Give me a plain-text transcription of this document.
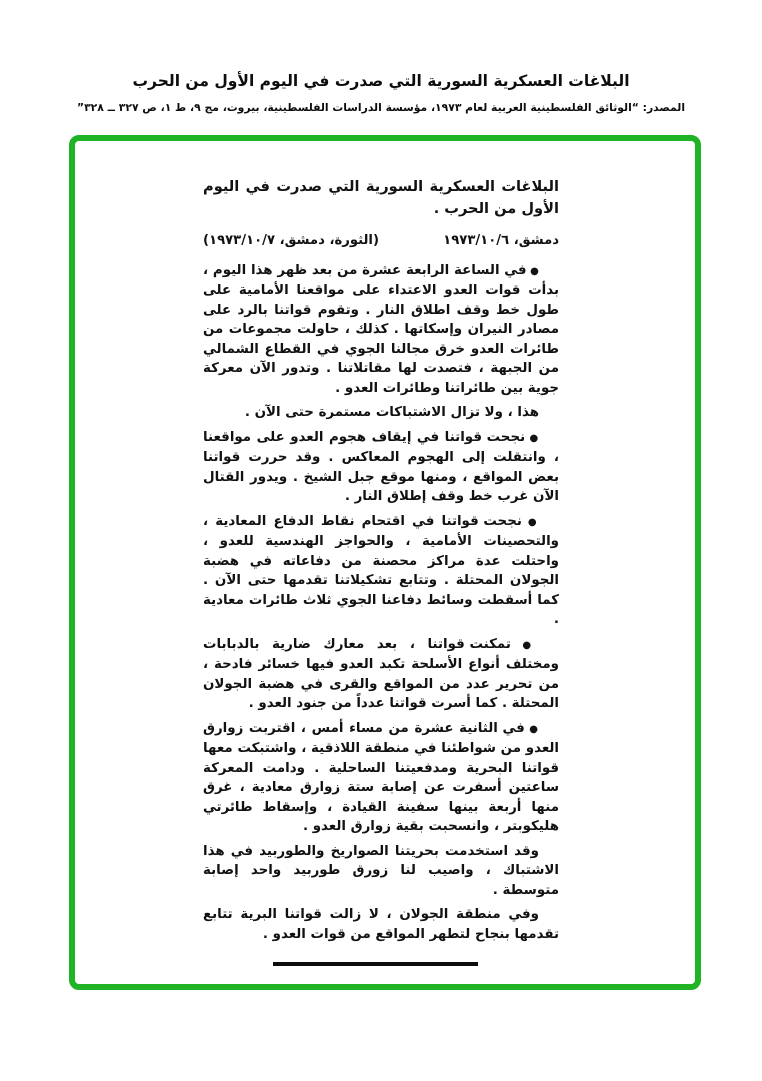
البلاغات العسكرية السورية التي صدرت في اليوم الأول من الحرب
المصدر: “الوثائق الفلسطينية العربية لعام ١٩٧٣، مؤسسة الدراسات الفلسطينية، بيروت، مج ٩، ط ١، ص ٣٢٧ ــ ٣٢٨”
البلاغات العسكرية السورية التي صدرت في اليوم الأول من الحرب .
دمشق، ١٩٧٣/١٠/٦
(الثورة، دمشق، ١٩٧٣/١٠/٧)

● في الساعة الرابعة عشرة من بعد ظهر هذا اليوم ، بدأت قوات العدو الاعتداء على مواقعنا الأمامية على طول خط وقف اطلاق النار . وتقوم قواتنا بالرد على مصادر النيران وإسكاتها . كذلك ، حاولت مجموعات من طائرات العدو خرق مجالنا الجوي في القطاع الشمالي من الجبهة ، فتصدت لها مقاتلاتنا . وتدور الآن معركة جوية بين طائراتنا وطائرات العدو .

هذا ، ولا تزال الاشتباكات مستمرة حتى الآن .

● نجحت قواتنا في إيقاف هجوم العدو على مواقعنا ، وانتقلت إلى الهجوم المعاكس . وقد حررت قواتنا بعض المواقع ، ومنها موقع جبل الشيخ . ويدور القتال الآن غرب خط وقف إطلاق النار .

● نجحت قواتنا في اقتحام نقاط الدفاع المعادية ، والتحصينات الأمامية ، والحواجز الهندسية للعدو ، واحتلت عدة مراكز محصنة من دفاعاته في هضبة الجولان المحتلة . وتتابع تشكيلاتنا تقدمها حتى الآن . كما أسقطت وسائط دفاعنا الجوي ثلاث طائرات معادية .

● تمكنت قواتنا ، بعد معارك ضارية بالدبابات ومختلف أنواع الأسلحة تكبد العدو فيها خسائر فادحة ، من تحرير عدد من المواقع والقرى في هضبة الجولان المحتلة . كما أسرت قواتنا عدداً من جنود العدو .

● في الثانية عشرة من مساء أمس ، اقتربت زوارق العدو من شواطئنا في منطقة اللاذقية ، واشتبكت معها قواتنا البحرية ومدفعيتنا الساحلية . ودامت المعركة ساعتين أسفرت عن إصابة ستة زوارق معادية ، غرق منها أربعة بينها سفينة القيادة ، وإسقاط طائرتي هليكوبتر ، وانسحبت بقية زوارق العدو .

وقد استخدمت بحريتنا الصواريخ والطوربيد في هذا الاشتباك ، واصيب لنا زورق طوربيد واحد إصابة متوسطة .

وفي منطقة الجولان ، لا زالت قواتنا البرية تتابع تقدمها بنجاح لتطهر المواقع من قوات العدو .
